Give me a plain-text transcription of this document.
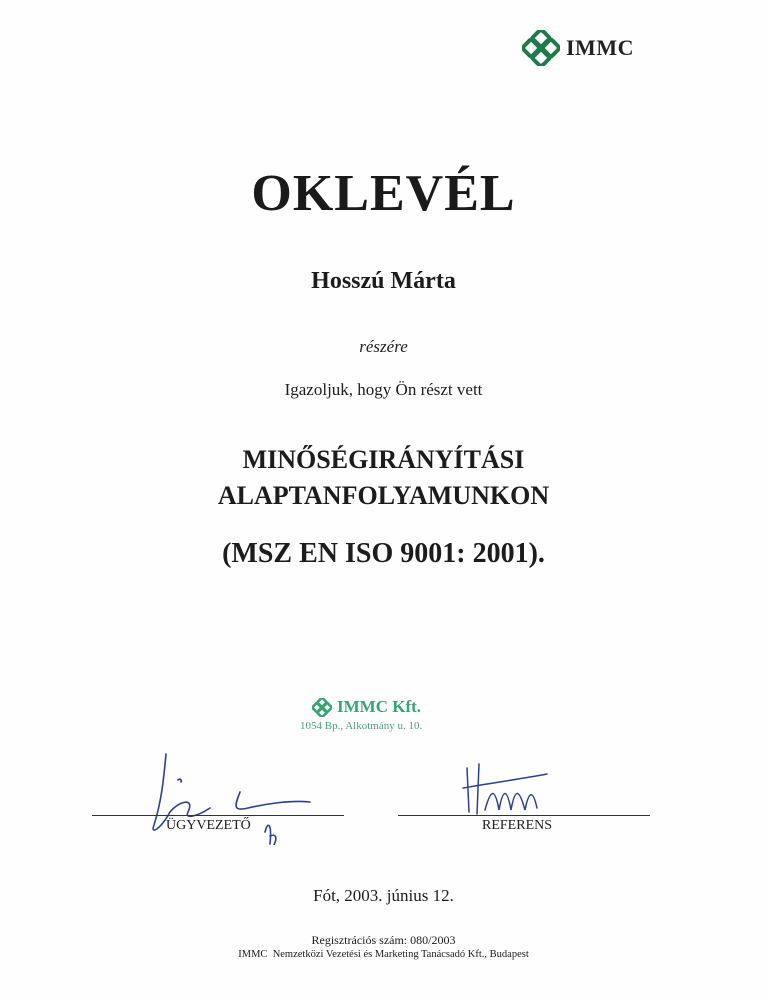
IMMC
OKLEVÉL
Hosszú Márta
részére
Igazoljuk, hogy Ön részt vett
MINŐSÉGIRÁNYÍTÁSI
ALAPTANFOLYAMUNKON
(MSZ EN ISO 9001: 2001).
IMMC Kft.
1054 Bp., Alkotmány u. 10.
ÜGYVEZETŐ	REFERENS
Fót, 2003. június 12.
Regisztrációs szám: 080/2003
IMMC  Nemzetközi Vezetési és Marketing Tanácsadó Kft., Budapest
